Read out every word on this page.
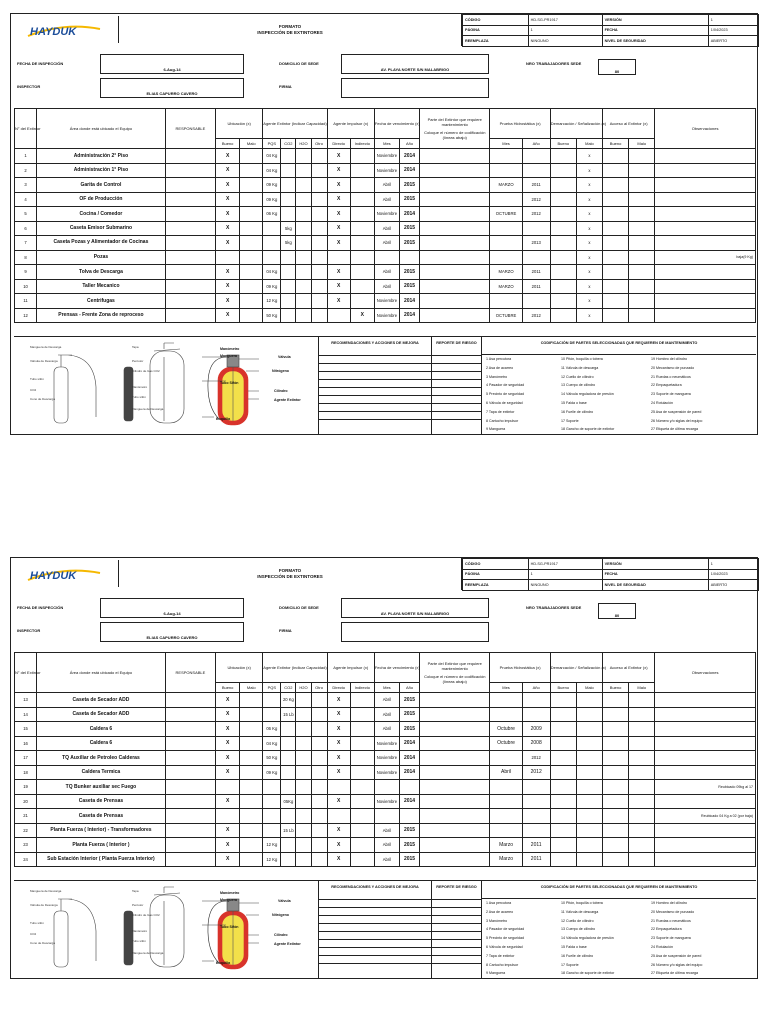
HAYDUK	FORMATO
INSPECCIÓN DE EXTINTORES
CÓDIGO	HD-SG-PR1917	VERSIÓN	1
PÁGINA	1	FECHA	1/04/2023
REEMPLAZA	NINGUNO	NIVEL DE SEGURIDAD	ABIERTO
FECHA DE INSPECCIÓN
6-Aug-14
DOMICILIO DE SEDE
AV. PLAYA NORTE S/N MALABRIGO
NRO TRABAJADORES SEDE
80
INSPECTOR
ELIAS CAPURRO CAVERO
FIRMA
N° del Extintor	Área donde está ubicado el Equipo	RESPONSABLE	Ubicación (x)		Agente Extintor (Indicar Capacidad)				Agente Impulsor (x)		Fecha de vencimiento (x)		Parte del Extintor que requiere mantenimiento
Coloque el número de codificación (líneas abajo)	Prueba Hidrostática (x)		Demarcación / Señalización (x)		Acceso al Extintor (x)		Observaciones
			Bueno	Malo	PQS	CO2	H2O	Otro	Directo	Indirecto	Mes	Año		Mes	Año	Bueno	Malo	Bueno	Malo	
1	Administración 2° Piso		X		04 Kg				X		Noviembre	2014					x			
2	Administración 1° Piso		X		04 Kg				X		Noviembre	2014					x			
3	Garita de Control		X		09 Kg				X		Abril	2015		MARZO	2011		x			
4	OF de Producción		X		09 Kg				X		Abril	2015			2012		x			
5	Cocina / Comedor		X		06 Kg				X		Noviembre	2014		OCTUBRE	2012		x			
6	Caseta Emisor Submarino		X			5kg			X		Abril	2015					x			
7	Caseta Pozas y Alimentador de Cocinas		X			5kg			X		Abril	2015			2013		x			
8	Pozas																x			baja(9 Kg)
9	Tolva de Descarga		X		04 Kg				X		Abril	2015		MARZO	2011		x			
10	Taller Mecanico		X		09 Kg				X		Abril	2015		MARZO	2011		x			
11	Centrifugas		X		12 Kg				X		Noviembre	2014					x			
12	Prensas - Frente Zona de reproceso		X		50 Kg					X	Noviembre	2014		OCTUBRE	2012		x			
Manómetro
Manguera	Válvula
Nitrógeno
Tubo Sifón
Cilindro
Agente Extintor
Boquilla
Manguera de Descarga
Válvula de Descarga
Tubo sifón
CO2
Cono de Descarga
Tapa
Percutor
Cilindro de Gas CO2
Manómetro
Tubo sifón
Manguera de Descarga
RECOMENDACIONES Y ACCIONES DE MEJORA	REPORTE DE RIESGO	CODIFICACIÓN DE PARTES SELECCIONADAS QUE REQUIEREN DE MANTENIMIENTO
1 Asa percutora	10 Pitón, boquilla o tobera	19 Hombro del cilindro
2 Asa de acarreo	11 Válvula de descarga	20 Mecanismo de punzado
3 Manómetro	12 Cuello de cilindro	21 Ruedas o neumáticos
4 Pasador de seguridad	13 Cuerpo de cilindro	22 Empaquetadura
5 Precinto de seguridad	14 Válvula reguladora de presión	23 Soporte de manguera
6 Válvula de seguridad	15 Falda o base	24 Rotulación
7 Tapa de extintor	16 Fuelle de cilindro	25 Asa de suspensión de pared
8 Cartucho impulsor	17 Soporte	26 Número y/o siglas del equipo
9 Manguera	18 Gancho de soporte de extintor	27 Etiqueta de última recarga
HAYDUK	FORMATO
INSPECCIÓN DE EXTINTORES
CÓDIGO	HD-SG-PR1917	VERSIÓN	1
PÁGINA	1	FECHA	1/04/2023
REEMPLAZA	NINGUNO	NIVEL DE SEGURIDAD	ABIERTO
FECHA DE INSPECCIÓN
6-Aug-14
DOMICILIO DE SEDE
AV. PLAYA NORTE S/N MALABRIGO
NRO TRABAJADORES SEDE
80
INSPECTOR
ELIAS CAPURRO CAVERO
FIRMA
N° del Extintor	Área donde está ubicado el Equipo	RESPONSABLE	Ubicación (x)		Agente Extintor (Indicar Capacidad)				Agente Impulsor (x)		Fecha de vencimiento (x)		Parte del Extintor que requiere mantenimiento
Coloque el número de codificación (líneas abajo)	Prueba Hidrostática (x)		Demarcación / Señalización (x)		Acceso al Extintor (x)		Observaciones
			Bueno	Malo	PQS	CO2	H2O	Otro	Directo	Indirecto	Mes	Año		Mes	Año	Bueno	Malo	Bueno	Malo	
13	Caseta de Secador ADD		X			20 Kg			X		Abril	2015								
14	Caseta de Secador ADD		X			15 Lb			X		Abril	2015								
15	Caldera 6		X		06 Kg				X		Abril	2015		Octubre	2009					
16	Caldera 6		X		04 Kg				X		Noviembre	2014		Octubre	2008					
17	TQ Auxiliar de Petroleo Calderas		X		50 Kg				X		Noviembre	2014			2012					
18	Caldera Termica		X		09 Kg				X		Noviembre	2014		Abril	2012					
19	TQ Bunker auxiliar sec Fuego																			Reubicado 09kg al 17
20	Caseta de Prensas		X			05Kg			X		Noviembre	2014								
21	Caseta de Prensas																			Reubicado 04 Kg a 02 (por baja)
22	Planta Fuerza ( Interior) - Transformadores		X			15 Lb			X		Abril	2015								
23	Planta Fuerza ( Interior )		X		12 Kg				X		Abril	2015		Marzo	2011					
24	Sub Estación Interior ( Planta Fuerza Interior)		X		12 Kg				X		Abril	2015		Marzo	2011					
Manómetro
Manguera	Válvula
Nitrógeno
Tubo Sifón
Cilindro
Agente Extintor
Boquilla
Manguera de Descarga
Válvula de Descarga
Tubo sifón
CO2
Cono de Descarga
Tapa
Percutor
Cilindro de Gas CO2
Manómetro
Tubo sifón
Manguera de Descarga
RECOMENDACIONES Y ACCIONES DE MEJORA	REPORTE DE RIESGO	CODIFICACIÓN DE PARTES SELECCIONADAS QUE REQUIEREN DE MANTENIMIENTO
1 Asa percutora	10 Pitón, boquilla o tobera	19 Hombro del cilindro
2 Asa de acarreo	11 Válvula de descarga	20 Mecanismo de punzado
3 Manómetro	12 Cuello de cilindro	21 Ruedas o neumáticos
4 Pasador de seguridad	13 Cuerpo de cilindro	22 Empaquetadura
5 Precinto de seguridad	14 Válvula reguladora de presión	23 Soporte de manguera
6 Válvula de seguridad	15 Falda o base	24 Rotulación
7 Tapa de extintor	16 Fuelle de cilindro	25 Asa de suspensión de pared
8 Cartucho impulsor	17 Soporte	26 Número y/o siglas del equipo
9 Manguera	18 Gancho de soporte de extintor	27 Etiqueta de última recarga
